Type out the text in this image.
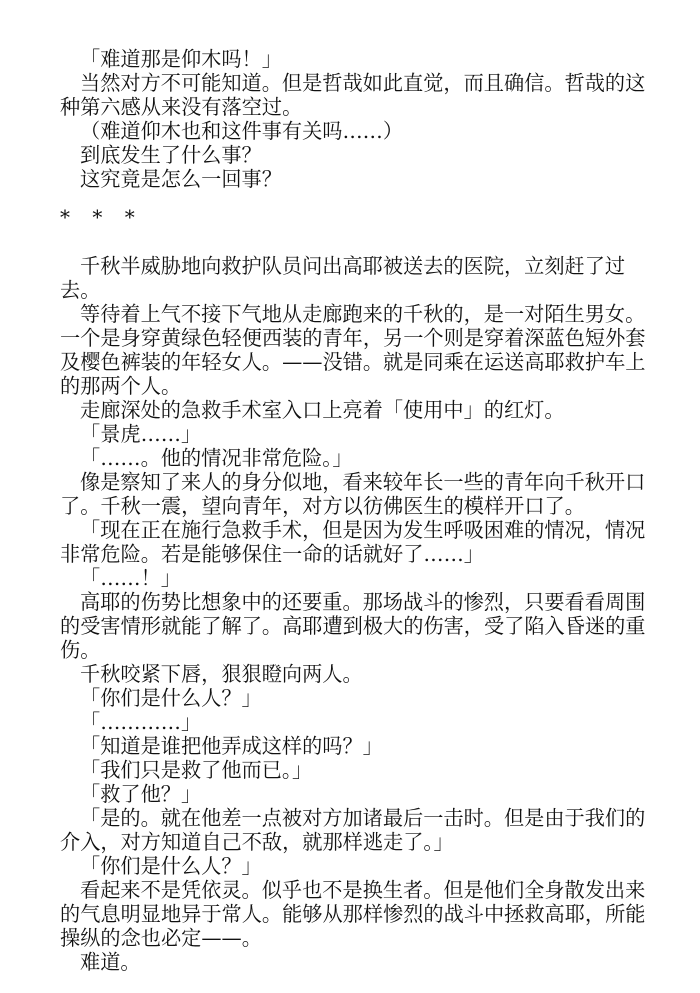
「难道那是仰木吗！」
当然对方不可能知道。但是哲哉如此直觉，而且确信。哲哉的这
种第六感从来没有落空过。
（难道仰木也和这件事有关吗……）
到底发生了什么事？
这究竟是怎么一回事？
* * *
千秋半威胁地向救护队员问出高耶被送去的医院，立刻赶了过
去。
等待着上气不接下气地从走廊跑来的千秋的，是一对陌生男女。
一个是身穿黄绿色轻便西装的青年，另一个则是穿着深蓝色短外套
及樱色裤装的年轻女人。——没错。就是同乘在运送高耶救护车上
的那两个人。
走廊深处的急救手术室入口上亮着「使用中」的红灯。
「景虎……」
「……。他的情况非常危险。」
像是察知了来人的身分似地，看来较年长一些的青年向千秋开口
了。千秋一震，望向青年，对方以彷佛医生的模样开口了。
「现在正在施行急救手术，但是因为发生呼吸困难的情况，情况
非常危险。若是能够保住一命的话就好了……」
「……！」
高耶的伤势比想象中的还要重。那场战斗的惨烈，只要看看周围
的受害情形就能了解了。高耶遭到极大的伤害，受了陷入昏迷的重
伤。
千秋咬紧下唇，狠狠瞪向两人。
「你们是什么人？」
「…………」
「知道是谁把他弄成这样的吗？」
「我们只是救了他而已。」
「救了他？」
「是的。就在他差一点被对方加诸最后一击时。但是由于我们的
介入，对方知道自己不敌，就那样逃走了。」
「你们是什么人？」
看起来不是凭依灵。似乎也不是换生者。但是他们全身散发出来
的气息明显地异于常人。能够从那样惨烈的战斗中拯救高耶，所能
操纵的念也必定——。
难道。
